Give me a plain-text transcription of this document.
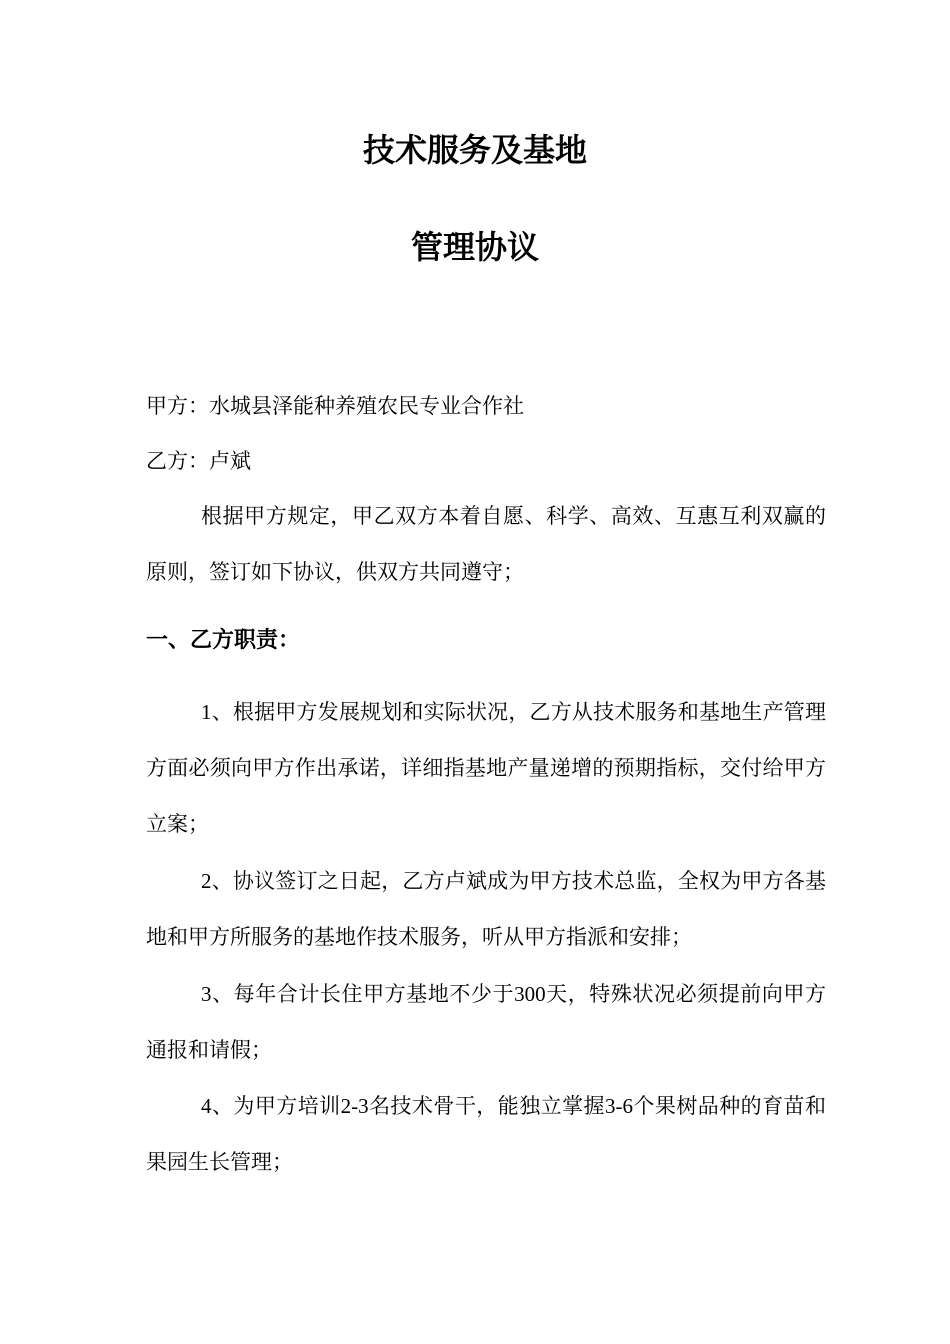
技术服务及基地
管理协议

甲方：水城县泽能种养殖农民专业合作社

乙方：卢斌

根据甲方规定，甲乙双方本着自愿、科学、高效、互惠互利双赢的原则，签订如下协议，供双方共同遵守；

一、乙方职责：

1、根据甲方发展规划和实际状况，乙方从技术服务和基地生产管理方面必须向甲方作出承诺，详细指基地产量递增的预期指标，交付给甲方立案；

2、协议签订之日起，乙方卢斌成为甲方技术总监，全权为甲方各基地和甲方所服务的基地作技术服务，听从甲方指派和安排；

3、每年合计长住甲方基地不少于300天，特殊状况必须提前向甲方通报和请假；

4、为甲方培训2-3名技术骨干，能独立掌握3-6个果树品种的育苗和果园生长管理；
